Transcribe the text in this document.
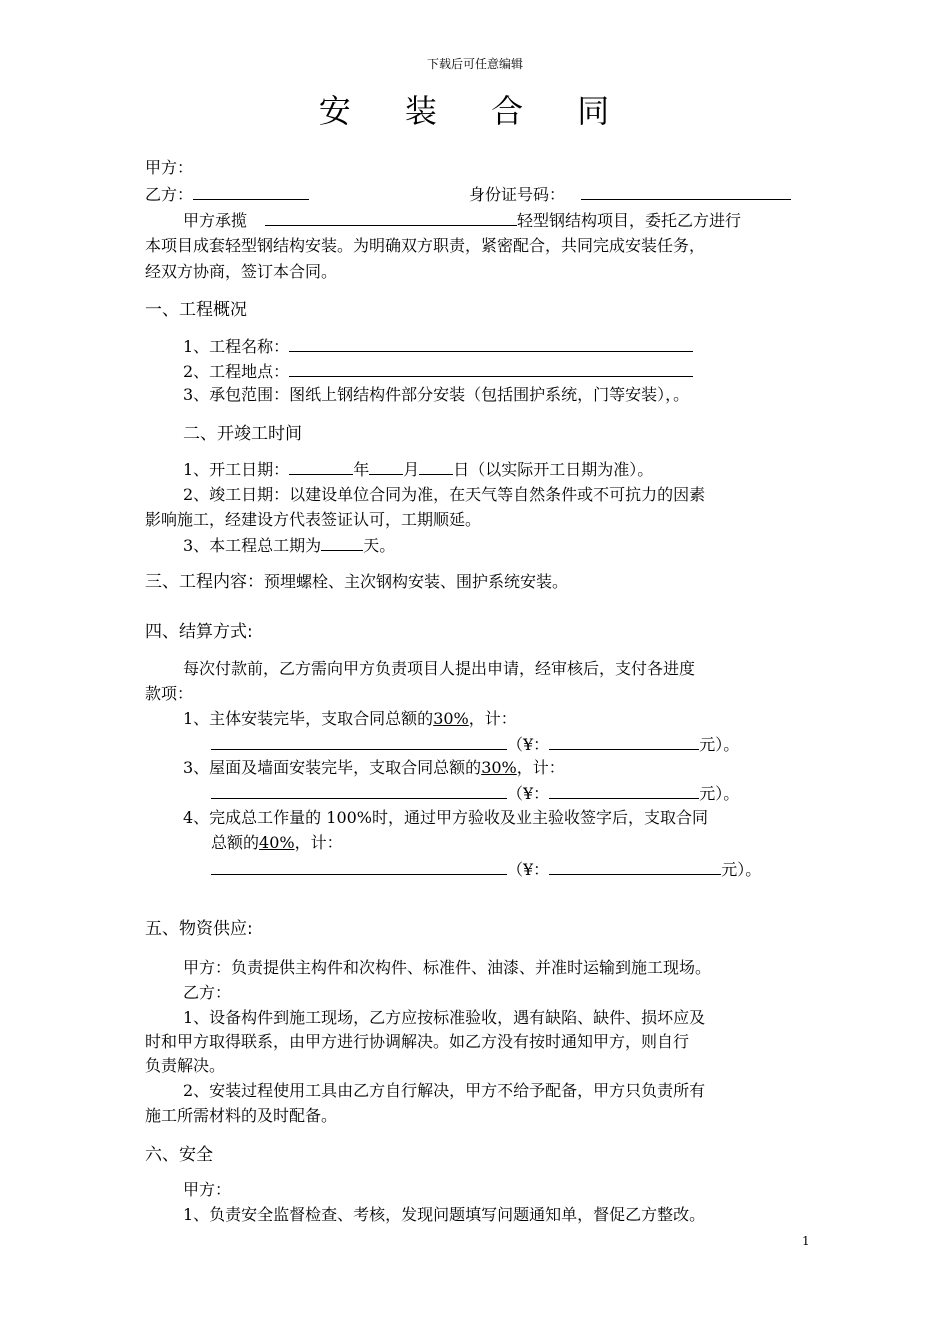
下载后可任意编辑
安 装 合 同
甲方：
乙方：	身份证号码：
甲方承揽	轻型钢结构项目，委托乙方进行
本项目成套轻型钢结构安装。为明确双方职责，紧密配合，共同完成安装任务，
经双方协商，签订本合同。
一、工程概况
1、工程名称：
2、工程地点：
3、承包范围：图纸上钢结构件部分安装（包括围护系统，门等安装），。
二、开竣工时间
1、开工日期：	年 月 日（以实际开工日期为准）。
2、竣工日期：以建设单位合同为准，在天气等自然条件或不可抗力的因素
影响施工，经建设方代表签证认可，工期顺延。
3、本工程总工期为	天。
三、工程内容：预埋螺栓、主次钢构安装、围护系统安装。
四、结算方式:
每次付款前，乙方需向甲方负责项目人提出申请，经审核后，支付各进度
款项：
1、主体安装完毕，支取合同总额的30%，计：
（¥：	元）。
3、屋面及墙面安装完毕，支取合同总额的30%，计：
（¥：	元）。
4、完成总工作量的 100%时，通过甲方验收及业主验收签字后，支取合同
总额的40%，计：
（¥：	元）。
五、物资供应:
甲方：负责提供主构件和次构件、标准件、油漆、并准时运输到施工现场。
乙方：
1、设备构件到施工现场，乙方应按标准验收，遇有缺陷、缺件、损坏应及
时和甲方取得联系，由甲方进行协调解决。如乙方没有按时通知甲方，则自行
负责解决。
2、安装过程使用工具由乙方自行解决，甲方不给予配备，甲方只负责所有
施工所需材料的及时配备。
六、安全
甲方：
1、负责安全监督检查、考核，发现问题填写问题通知单，督促乙方整改。
1
